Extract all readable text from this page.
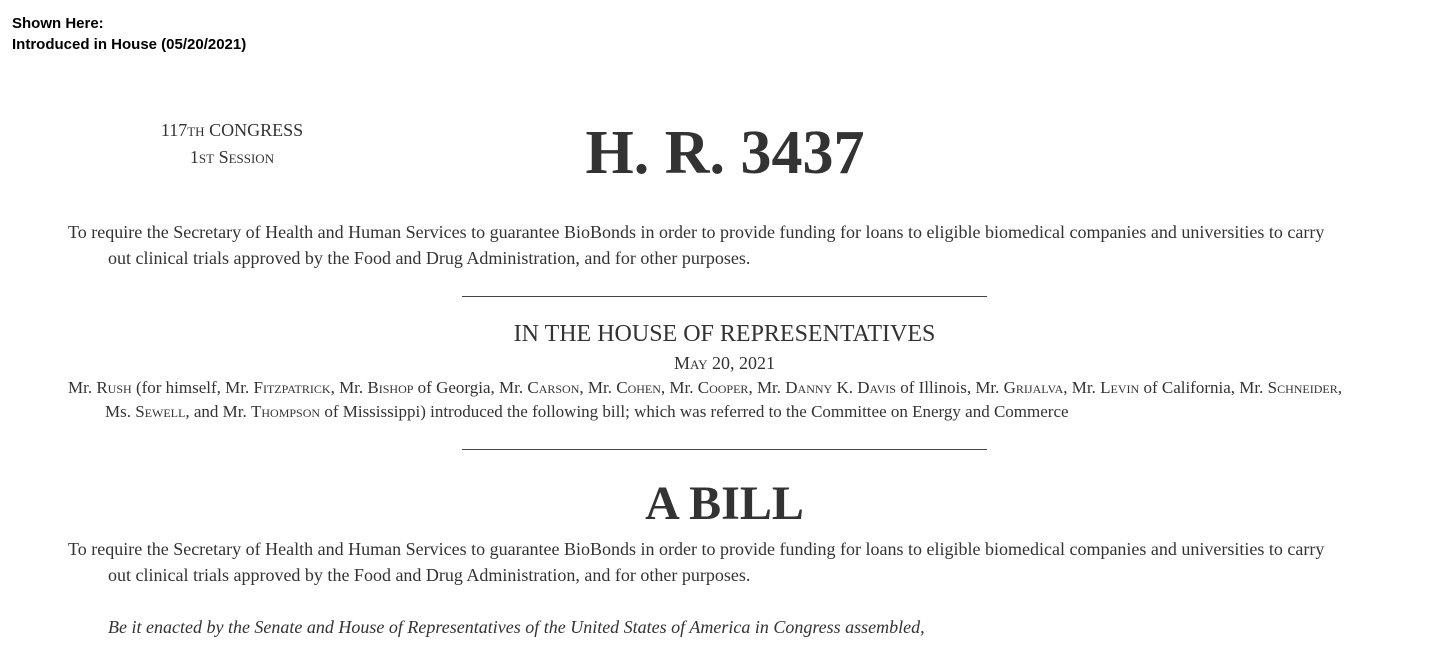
Shown Here:
Introduced in House (05/20/2021)
117th CONGRESS
1st Session	H. R. 3437
To require the Secretary of Health and Human Services to guarantee BioBonds in order to provide funding for loans to eligible biomedical companies and universities to carry out clinical trials approved by the Food and Drug Administration, and for other purposes.
IN THE HOUSE OF REPRESENTATIVES
May 20, 2021
Mr. Rush (for himself, Mr. Fitzpatrick, Mr. Bishop of Georgia, Mr. Carson, Mr. Cohen, Mr. Cooper, Mr. Danny K. Davis of Illinois, Mr. Grijalva, Mr. Levin of California, Mr. Schneider, Ms. Sewell, and Mr. Thompson of Mississippi) introduced the following bill; which was referred to the Committee on Energy and Commerce
A BILL
To require the Secretary of Health and Human Services to guarantee BioBonds in order to provide funding for loans to eligible biomedical companies and universities to carry out clinical trials approved by the Food and Drug Administration, and for other purposes.
Be it enacted by the Senate and House of Representatives of the United States of America in Congress assembled,
